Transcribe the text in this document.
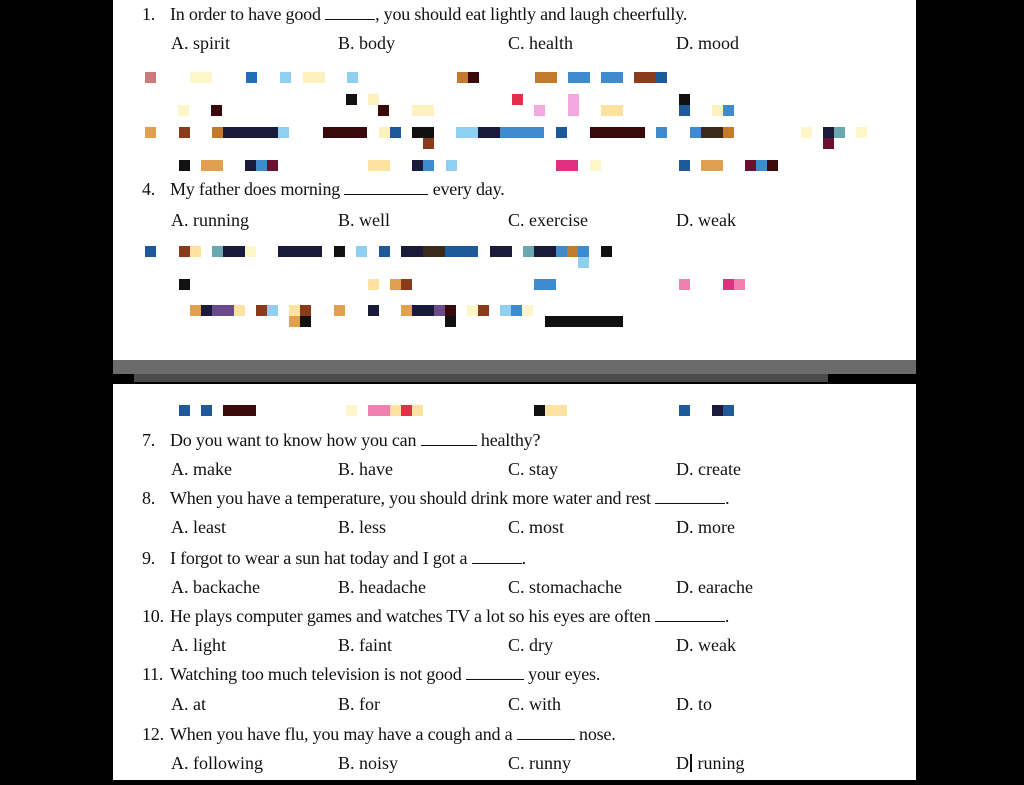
1. In order to have good	, you should eat lightly and laugh cheerfully.
A. spirit	B. body	C. health	D. mood
4. My father does morning	every day.
A. running	B. well	C. exercise	D. weak
7. Do you want to know how you can	healthy?
A. make	B. have	C. stay	D. create
8. When you have a temperature, you should drink more water and rest	.
A. least	B. less	C. most	D. more
9. I forgot to wear a sun hat today and I got a	.
A. backache	B. headache	C. stomachache	D. earache
10. He plays computer games and watches TV a lot so his eyes are often	.
A. light	B. faint	C. dry	D. weak
11. Watching too much television is not good	your eyes.
A. at	B. for	C. with	D. to
12. When you have flu, you may have a cough and a	nose.
A. following	B. noisy	C. runny	D runing
